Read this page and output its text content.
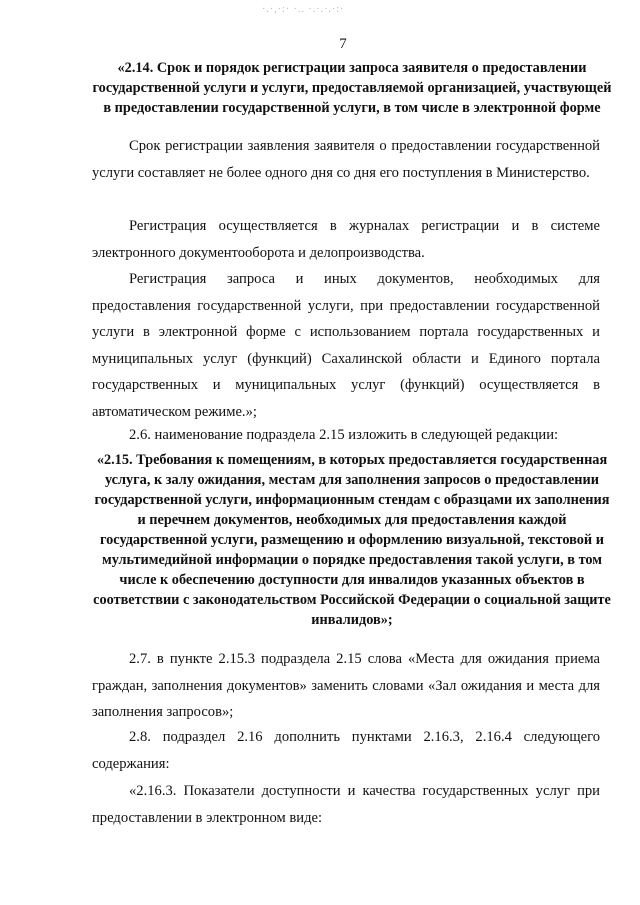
·.·,·:· ·.. ·.·.·.·:·
7

«2.14. Срок и порядок регистрации запроса заявителя о предоставлении государственной услуги и услуги, предоставляемой организацией, участвующей в предоставлении государственной услуги, в том числе в электронной форме

Срок регистрации заявления заявителя о предоставлении государственной услуги составляет не более одного дня со дня его поступления в Министерство.

Регистрация осуществляется в журналах регистрации и в системе электронного документооборота и делопроизводства.

Регистрация запроса и иных документов, необходимых для предоставления государственной услуги, при предоставлении государственной услуги в электронной форме с использованием портала государственных и муниципальных услуг (функций) Сахалинской области и Единого портала государственных и муниципальных услуг (функций) осуществляется в автоматическом режиме.»;

2.6. наименование подраздела 2.15 изложить в следующей редакции:

«2.15. Требования к помещениям, в которых предоставляется государственная услуга, к залу ожидания, местам для заполнения запросов о предоставлении государственной услуги, информационным стендам с образцами их заполнения и перечнем документов, необходимых для предоставления каждой государственной услуги, размещению и оформлению визуальной, текстовой и мультимедийной информации о порядке предоставления такой услуги, в том числе к обеспечению доступности для инвалидов указанных объектов в соответствии с законодательством Российской Федерации о социальной защите инвалидов»;

2.7. в пункте 2.15.3 подраздела 2.15 слова «Места для ожидания приема граждан, заполнения документов» заменить словами «Зал ожидания и места для заполнения запросов»;

2.8. подраздел 2.16 дополнить пунктами 2.16.3, 2.16.4 следующего содержания:

«2.16.3. Показатели доступности и качества государственных услуг при предоставлении в электронном виде:
